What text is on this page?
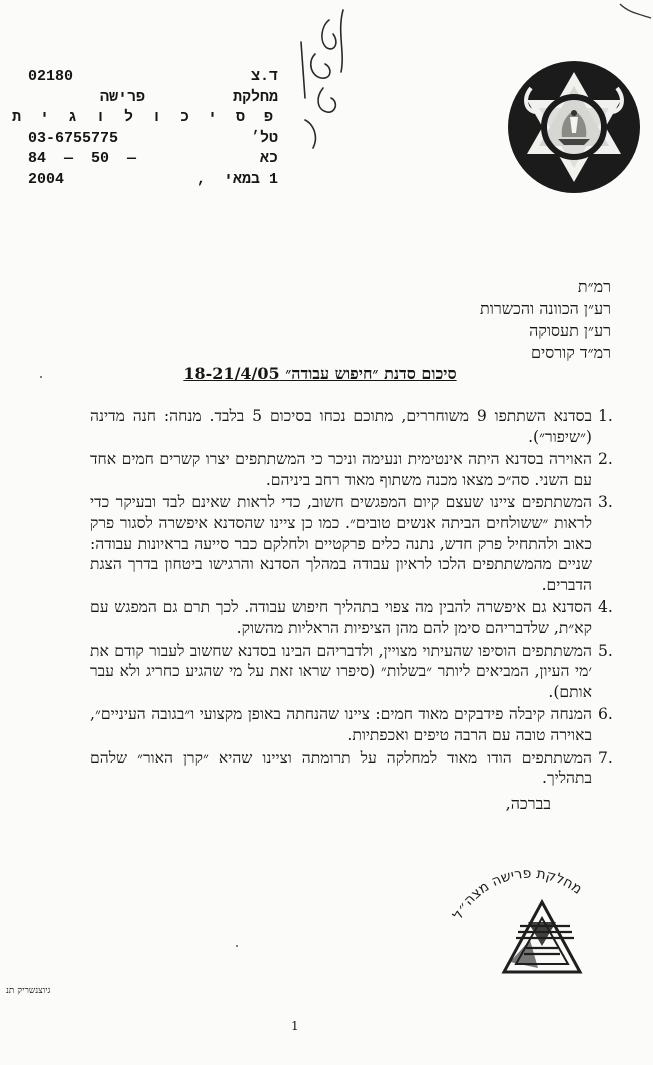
02180	ד.צ
מחלקת
פרישה
פ ס י כ ו ל ו ג י ת
03-6755775	טל׳
84  —  50  —	כא
2004	1 במאי  ,
רמ״ת
רע״ן הכוונה והכשרות
רע״ן תעסוקה
רמ״ד קורסים
סיכום סדנת ״חיפוש עבודה״ 18-21/4/05
1.
בסדנא השתתפו 9 משוחררים, מתוכם נכחו בסיכום 5 בלבד. מנחה: חנה מדינה (״שיפור״).
2.
האוירה בסדנא היתה אינטימית ונעימה וניכר כי המשתתפים יצרו קשרים חמים אחד עם השני. סה״כ מצאו מכנה משתוף מאוד רחב ביניהם.
3.
המשתתפים ציינו שעצם קיום המפגשים חשוב, כדי לראות שאינם לבד ובעיקר כדי לראות ״ששולחים הביתה אנשים טובים״. כמו כן ציינו שהסדנא איפשרה לסגור פרק כאוב ולהתחיל פרק חדש, נתנה כלים פרקטיים ולחלקם כבר סייעה בראיונות עבודה: שניים מהמשתתפים הלכו לראיון עבודה במהלך הסדנא והרגישו ביטחון בדרך הצגת הדברים.
4.
הסדנא גם איפשרה להבין מה צפוי בתהליך חיפוש עבודה. לכך תרם גם המפגש עם קא״ת, שלדבריהם סימן להם מהן הציפיות הראליות מהשוק.
5.
המשתתפים הוסיפו שהעיתוי מצויין, ולדבריהם הבינו בסדנא שחשוב לעבור קודם את ׳מי העיון, המביאים ליותר ״בשלות״ (סיפרו שראו זאת על מי שהגיע כחריג ולא עבר אותם).
6.
המנחה קיבלה פידבקים מאוד חמים: ציינו שהנחתה באופן מקצועי ו״בגובה העיניים״, באוירה טובה עם הרבה טיפים ואכפתיות.
7.
המשתתפים הודו מאוד למחלקה על תרומתה וציינו שהיא ״קרן האור״ שלהם בתהליך.
בברכה,
מחלקת פרישה מצה״ל
גיוצנשריק תנ
1
